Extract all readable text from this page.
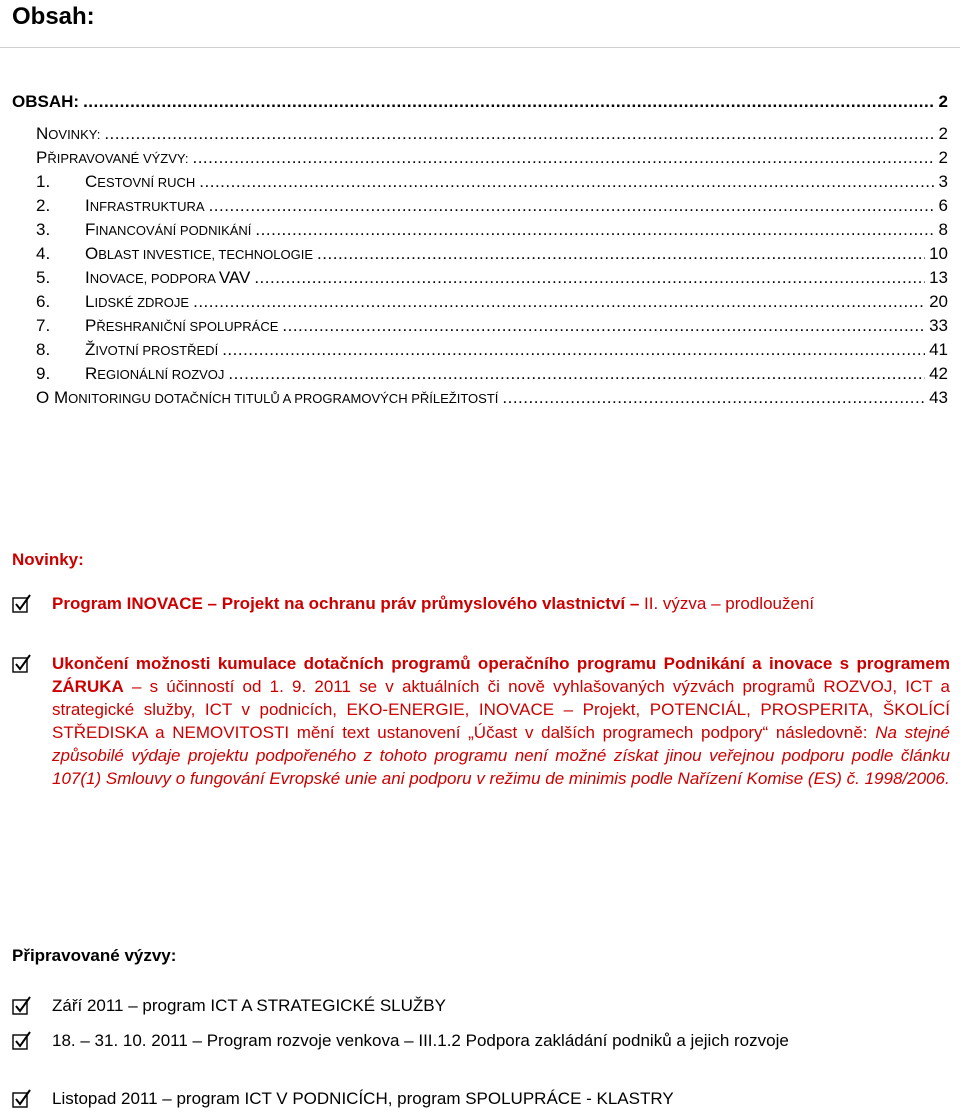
Obsah:
OBSAH: .....	2
NOVINKY: .....	2
PŘIPRAVOVANÉ VÝZVY: .....	2
1. CESTOVNÍ RUCH .....	3
2. INFRASTRUKTURA .....	6
3. FINANCOVÁNÍ PODNIKÁNÍ .....	8
4. OBLAST INVESTICE, TECHNOLOGIE .....	10
5. INOVACE, PODPORA VAV .....	13
6. LIDSKÉ ZDROJE .....	20
7. PŘESHRANIČNÍ SPOLUPRÁCE .....	33
8. ŽIVOTNÍ PROSTŘEDÍ .....	41
9. REGIONÁLNÍ ROZVOJ .....	42
O MONITORINGU DOTAČNÍCH TITULŮ A PROGRAMOVÝCH PŘÍLEŽITOSTÍ .....	43
Novinky:
Program INOVACE – Projekt na ochranu práv průmyslového vlastnictví – II. výzva – prodloužení
Ukončení možnosti kumulace dotačních programů operačního programu Podnikání a inovace s programem ZÁRUKA – s účinností od 1. 9. 2011 se v aktuálních či nově vyhlašovaných výzvách programů ROZVOJ, ICT a strategické služby, ICT v podnicích, EKO-ENERGIE, INOVACE – Projekt, POTENCIÁL, PROSPERITA, ŠKOLÍCÍ STŘEDISKA a NEMOVITOSTI mění text ustanovení „Účast v dalších programech podpory“ následovně: Na stejné způsobilé výdaje projektu podpořeného z tohoto programu není možné získat jinou veřejnou podporu podle článku 107(1) Smlouvy o fungování Evropské unie ani podporu v režimu de minimis podle Nařízení Komise (ES) č. 1998/2006.
Připravované výzvy:
Září 2011 – program ICT A STRATEGICKÉ SLUŽBY
18. – 31. 10. 2011 – Program rozvoje venkova – III.1.2 Podpora zakládání podniků a jejich rozvoje
Listopad 2011 – program ICT V PODNICÍCH, program SPOLUPRÁCE - KLASTRY
